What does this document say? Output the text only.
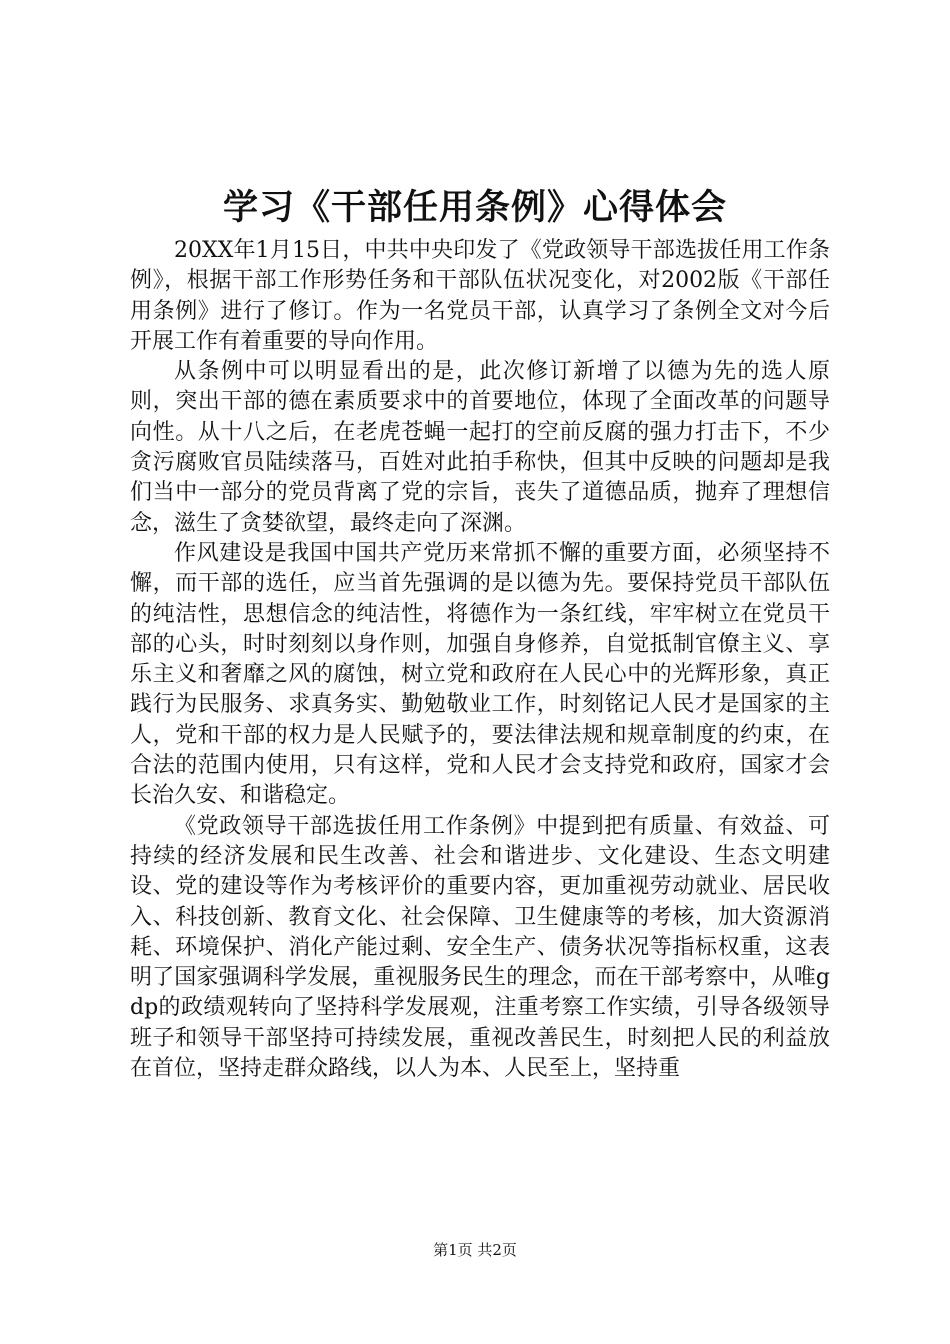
学习《干部任用条例》心得体会

20XX年1月15日，中共中央印发了《党政领导干部选拔任用工作条例》，根据干部工作形势任务和干部队伍状况变化，对2002版《干部任用条例》进行了修订。作为一名党员干部，认真学习了条例全文对今后开展工作有着重要的导向作用。

从条例中可以明显看出的是，此次修订新增了以德为先的选人原则，突出干部的德在素质要求中的首要地位，体现了全面改革的问题导向性。从十八之后，在老虎苍蝇一起打的空前反腐的强力打击下，不少贪污腐败官员陆续落马，百姓对此拍手称快，但其中反映的问题却是我们当中一部分的党员背离了党的宗旨，丧失了道德品质，抛弃了理想信念，滋生了贪婪欲望，最终走向了深渊。

作风建设是我国中国共产党历来常抓不懈的重要方面，必须坚持不懈，而干部的选任，应当首先强调的是以德为先。要保持党员干部队伍的纯洁性，思想信念的纯洁性，将德作为一条红线，牢牢树立在党员干部的心头，时时刻刻以身作则，加强自身修养，自觉抵制官僚主义、享乐主义和奢靡之风的腐蚀，树立党和政府在人民心中的光辉形象，真正践行为民服务、求真务实、勤勉敬业工作，时刻铭记人民才是国家的主人，党和干部的权力是人民赋予的，要法律法规和规章制度的约束，在合法的范围内使用，只有这样，党和人民才会支持党和政府，国家才会长治久安、和谐稳定。

《党政领导干部选拔任用工作条例》中提到把有质量、有效益、可持续的经济发展和民生改善、社会和谐进步、文化建设、生态文明建设、党的建设等作为考核评价的重要内容，更加重视劳动就业、居民收入、科技创新、教育文化、社会保障、卫生健康等的考核，加大资源消耗、环境保护、消化产能过剩、安全生产、债务状况等指标权重，这表明了国家强调科学发展，重视服务民生的理念，而在干部考察中，从唯gdp的政绩观转向了坚持科学发展观，注重考察工作实绩，引导各级领导班子和领导干部坚持可持续发展，重视改善民生，时刻把人民的利益放在首位，坚持走群众路线，以人为本、人民至上，坚持重

第1页 共2页
